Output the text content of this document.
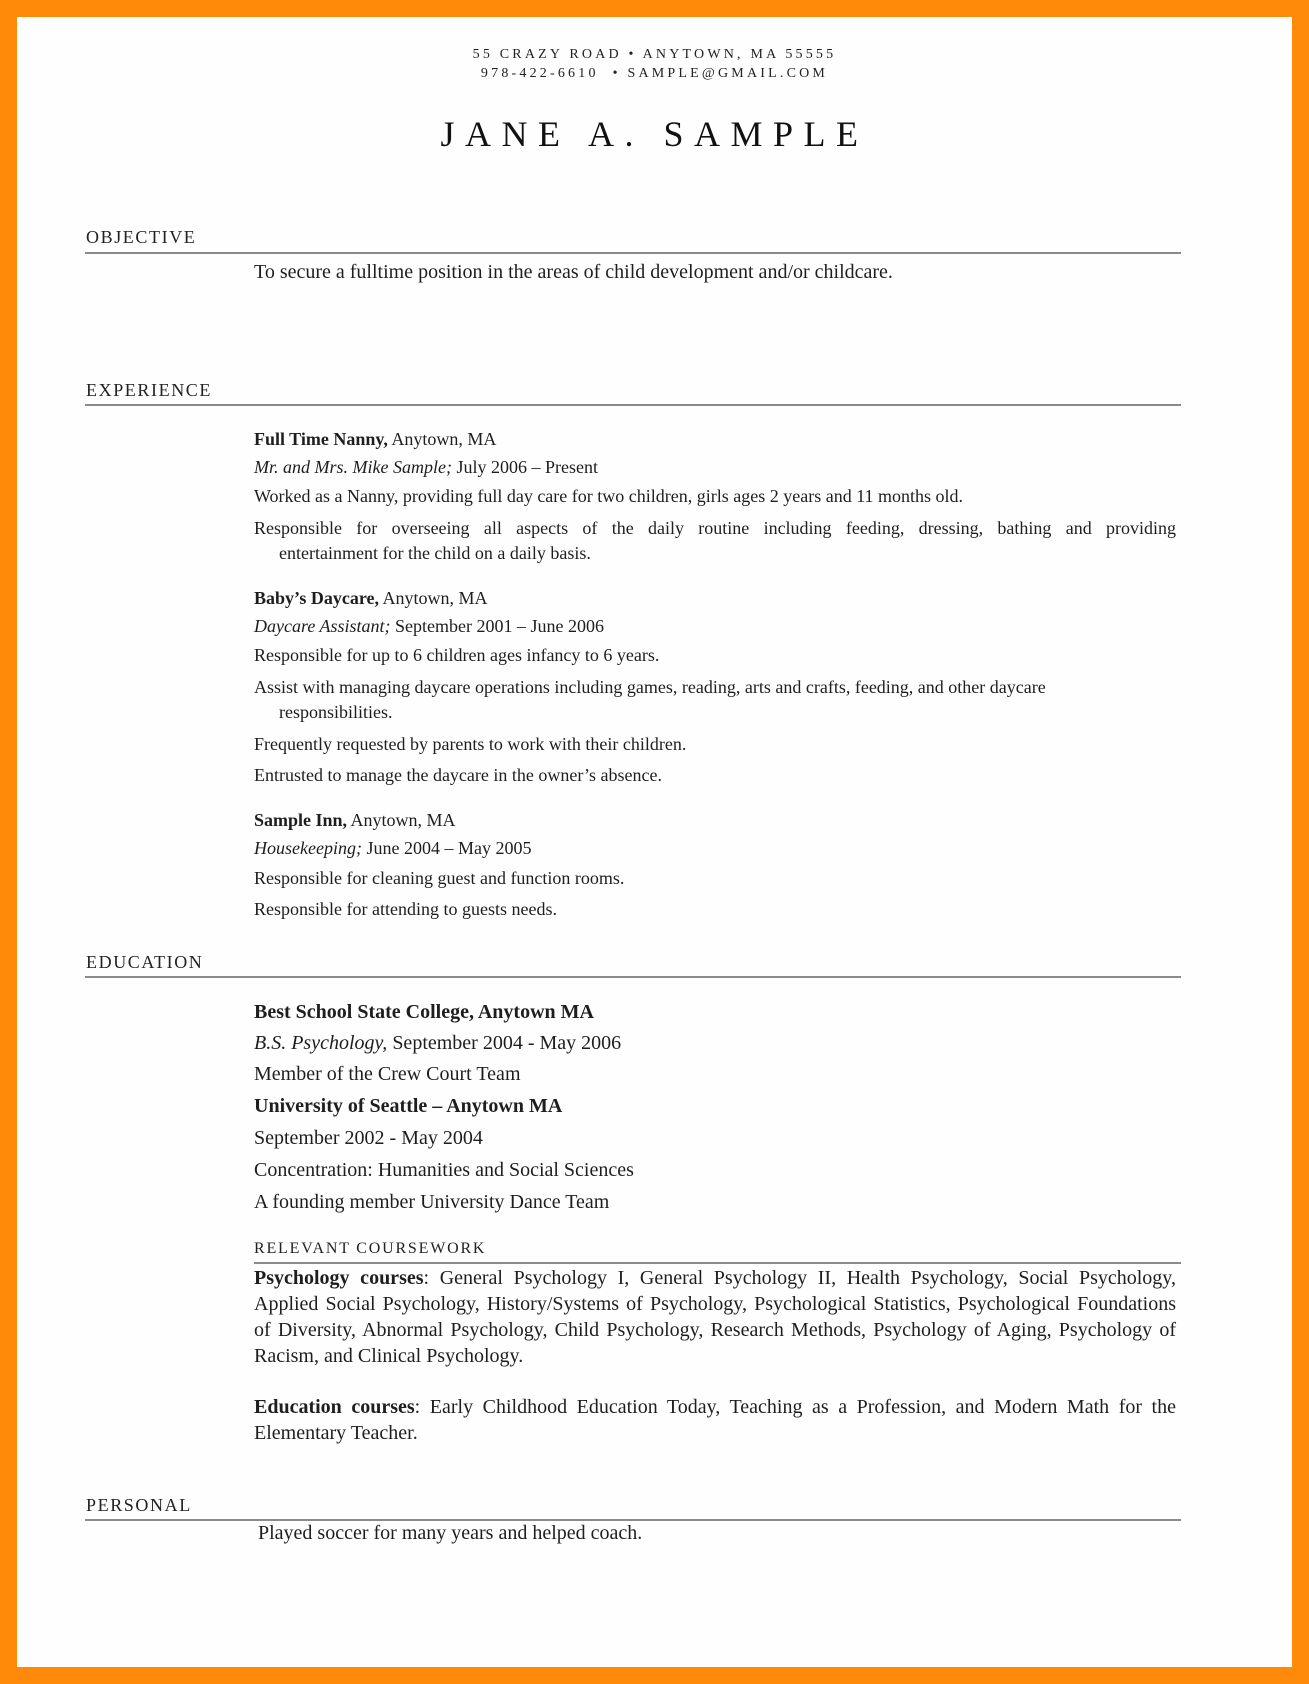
55 CRAZY ROAD • ANYTOWN, MA 55555
978-422-6610 • SAMPLE@GMAIL.COM
JANE A. SAMPLE
OBJECTIVE
To secure a fulltime position in the areas of child development and/or childcare.
EXPERIENCE
Full Time Nanny, Anytown, MA
Mr. and Mrs. Mike Sample; July 2006 – Present
Worked as a Nanny, providing full day care for two children, girls ages 2 years and 11 months old.
Responsible for overseeing all aspects of the daily routine including feeding, dressing, bathing and providing
entertainment for the child on a daily basis.
Baby’s Daycare, Anytown, MA
Daycare Assistant; September 2001 – June 2006
Responsible for up to 6 children ages infancy to 6 years.
Assist with managing daycare operations including games, reading, arts and crafts, feeding, and other daycare
responsibilities.
Frequently requested by parents to work with their children.
Entrusted to manage the daycare in the owner’s absence.
Sample Inn, Anytown, MA
Housekeeping; June 2004 – May 2005
Responsible for cleaning guest and function rooms.
Responsible for attending to guests needs.
EDUCATION
Best School State College, Anytown MA
B.S. Psychology, September 2004 - May 2006
Member of the Crew Court Team
University of Seattle – Anytown MA
September 2002 - May 2004
Concentration: Humanities and Social Sciences
A founding member University Dance Team
RELEVANT COURSEWORK
Psychology courses: General Psychology I, General Psychology II, Health Psychology, Social Psychology, Applied Social Psychology, History/Systems of Psychology, Psychological Statistics, Psychological Foundations of Diversity, Abnormal Psychology, Child Psychology, Research Methods, Psychology of Aging, Psychology of Racism, and Clinical Psychology.
Education courses: Early Childhood Education Today, Teaching as a Profession, and Modern Math for the Elementary Teacher.
PERSONAL
Played soccer for many years and helped coach.
